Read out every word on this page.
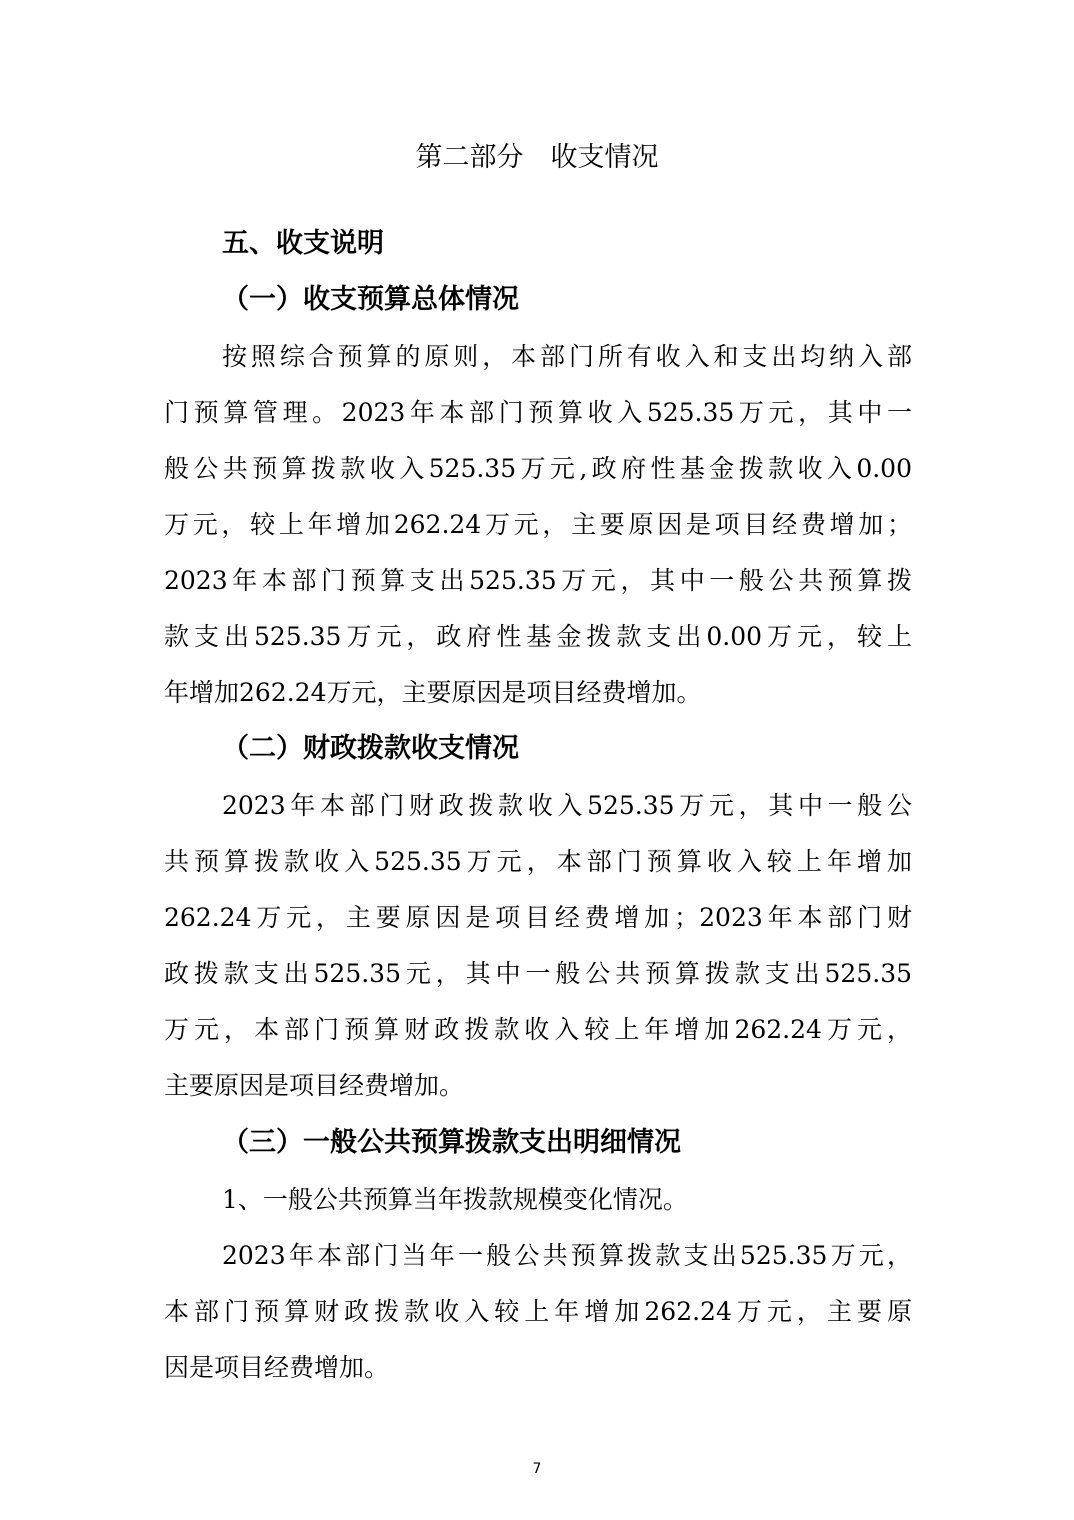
第二部分　收支情况
五、收支说明
（一）收支预算总体情况
按照综合预算的原则，本部门所有收入和支出均纳入部
门预算管理。2023年本部门预算收入525.35万元，其中一
般公共预算拨款收入525.35万元,政府性基金拨款收入0.00
万元，较上年增加262.24万元，主要原因是项目经费增加；
2023年本部门预算支出525.35万元，其中一般公共预算拨
款支出525.35万元，政府性基金拨款支出0.00万元，较上
年增加262.24万元，主要原因是项目经费增加。
（二）财政拨款收支情况
2023年本部门财政拨款收入525.35万元，其中一般公
共预算拨款收入525.35万元，本部门预算收入较上年增加
262.24万元，主要原因是项目经费增加；2023年本部门财
政拨款支出525.35元，其中一般公共预算拨款支出525.35
万元，本部门预算财政拨款收入较上年增加262.24万元，
主要原因是项目经费增加。
（三）一般公共预算拨款支出明细情况
1、一般公共预算当年拨款规模变化情况。
2023年本部门当年一般公共预算拨款支出525.35万元，
本部门预算财政拨款收入较上年增加262.24万元，主要原
因是项目经费增加。
7
